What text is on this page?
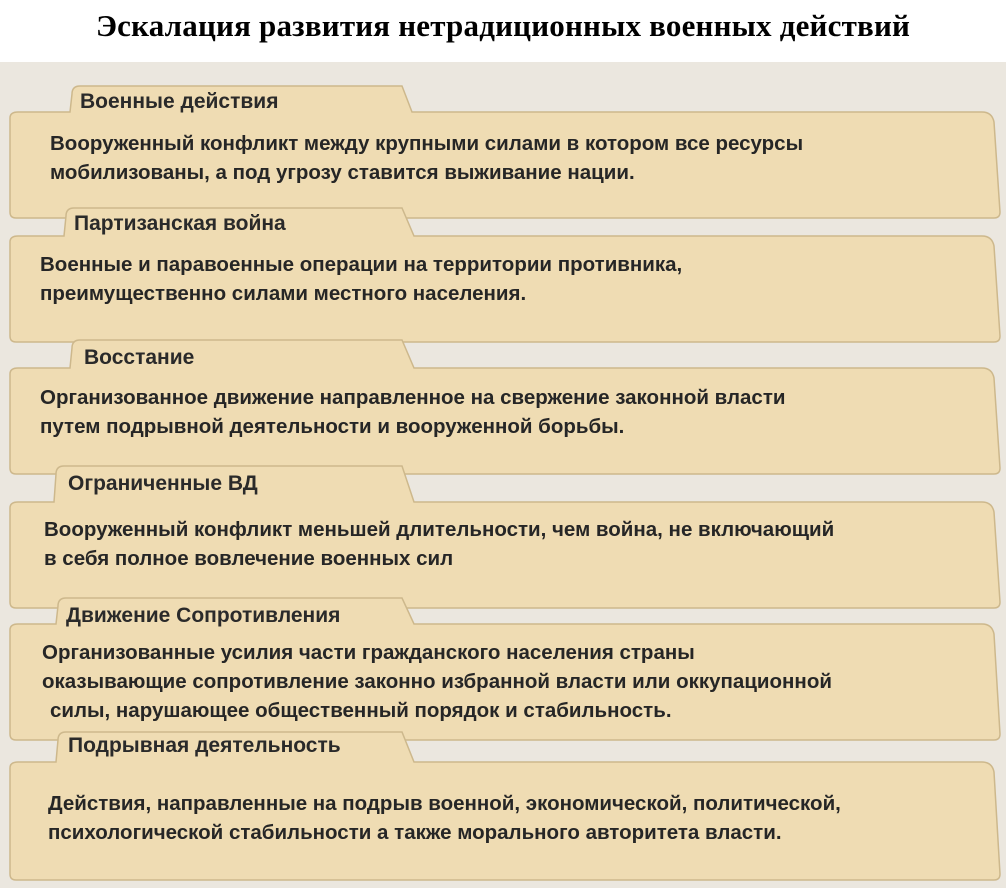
Эскалация развития нетрадиционных военных действий
Военные действия
Вооруженный конфликт между крупными силами в котором все ресурсы
мобилизованы, а под угрозу ставится выживание нации.
Партизанская война
Военные и паравоенные операции на территории противника,
преимущественно силами местного населения.
Восстание
Организованное движение направленное на свержение законной власти
путем подрывной деятельности и вооруженной борьбы.
Ограниченные ВД
Вооруженный конфликт меньшей длительности, чем война, не включающий
в себя полное вовлечение военных сил
Движение Сопротивления
Организованные усилия части гражданского населения страны
оказывающие сопротивление законно избранной власти или оккупационной
силы, нарушающее общественный порядок и стабильность.
Подрывная деятельность
Действия, направленные на подрыв военной, экономической, политической,
психологической стабильности а также морального авторитета власти.
